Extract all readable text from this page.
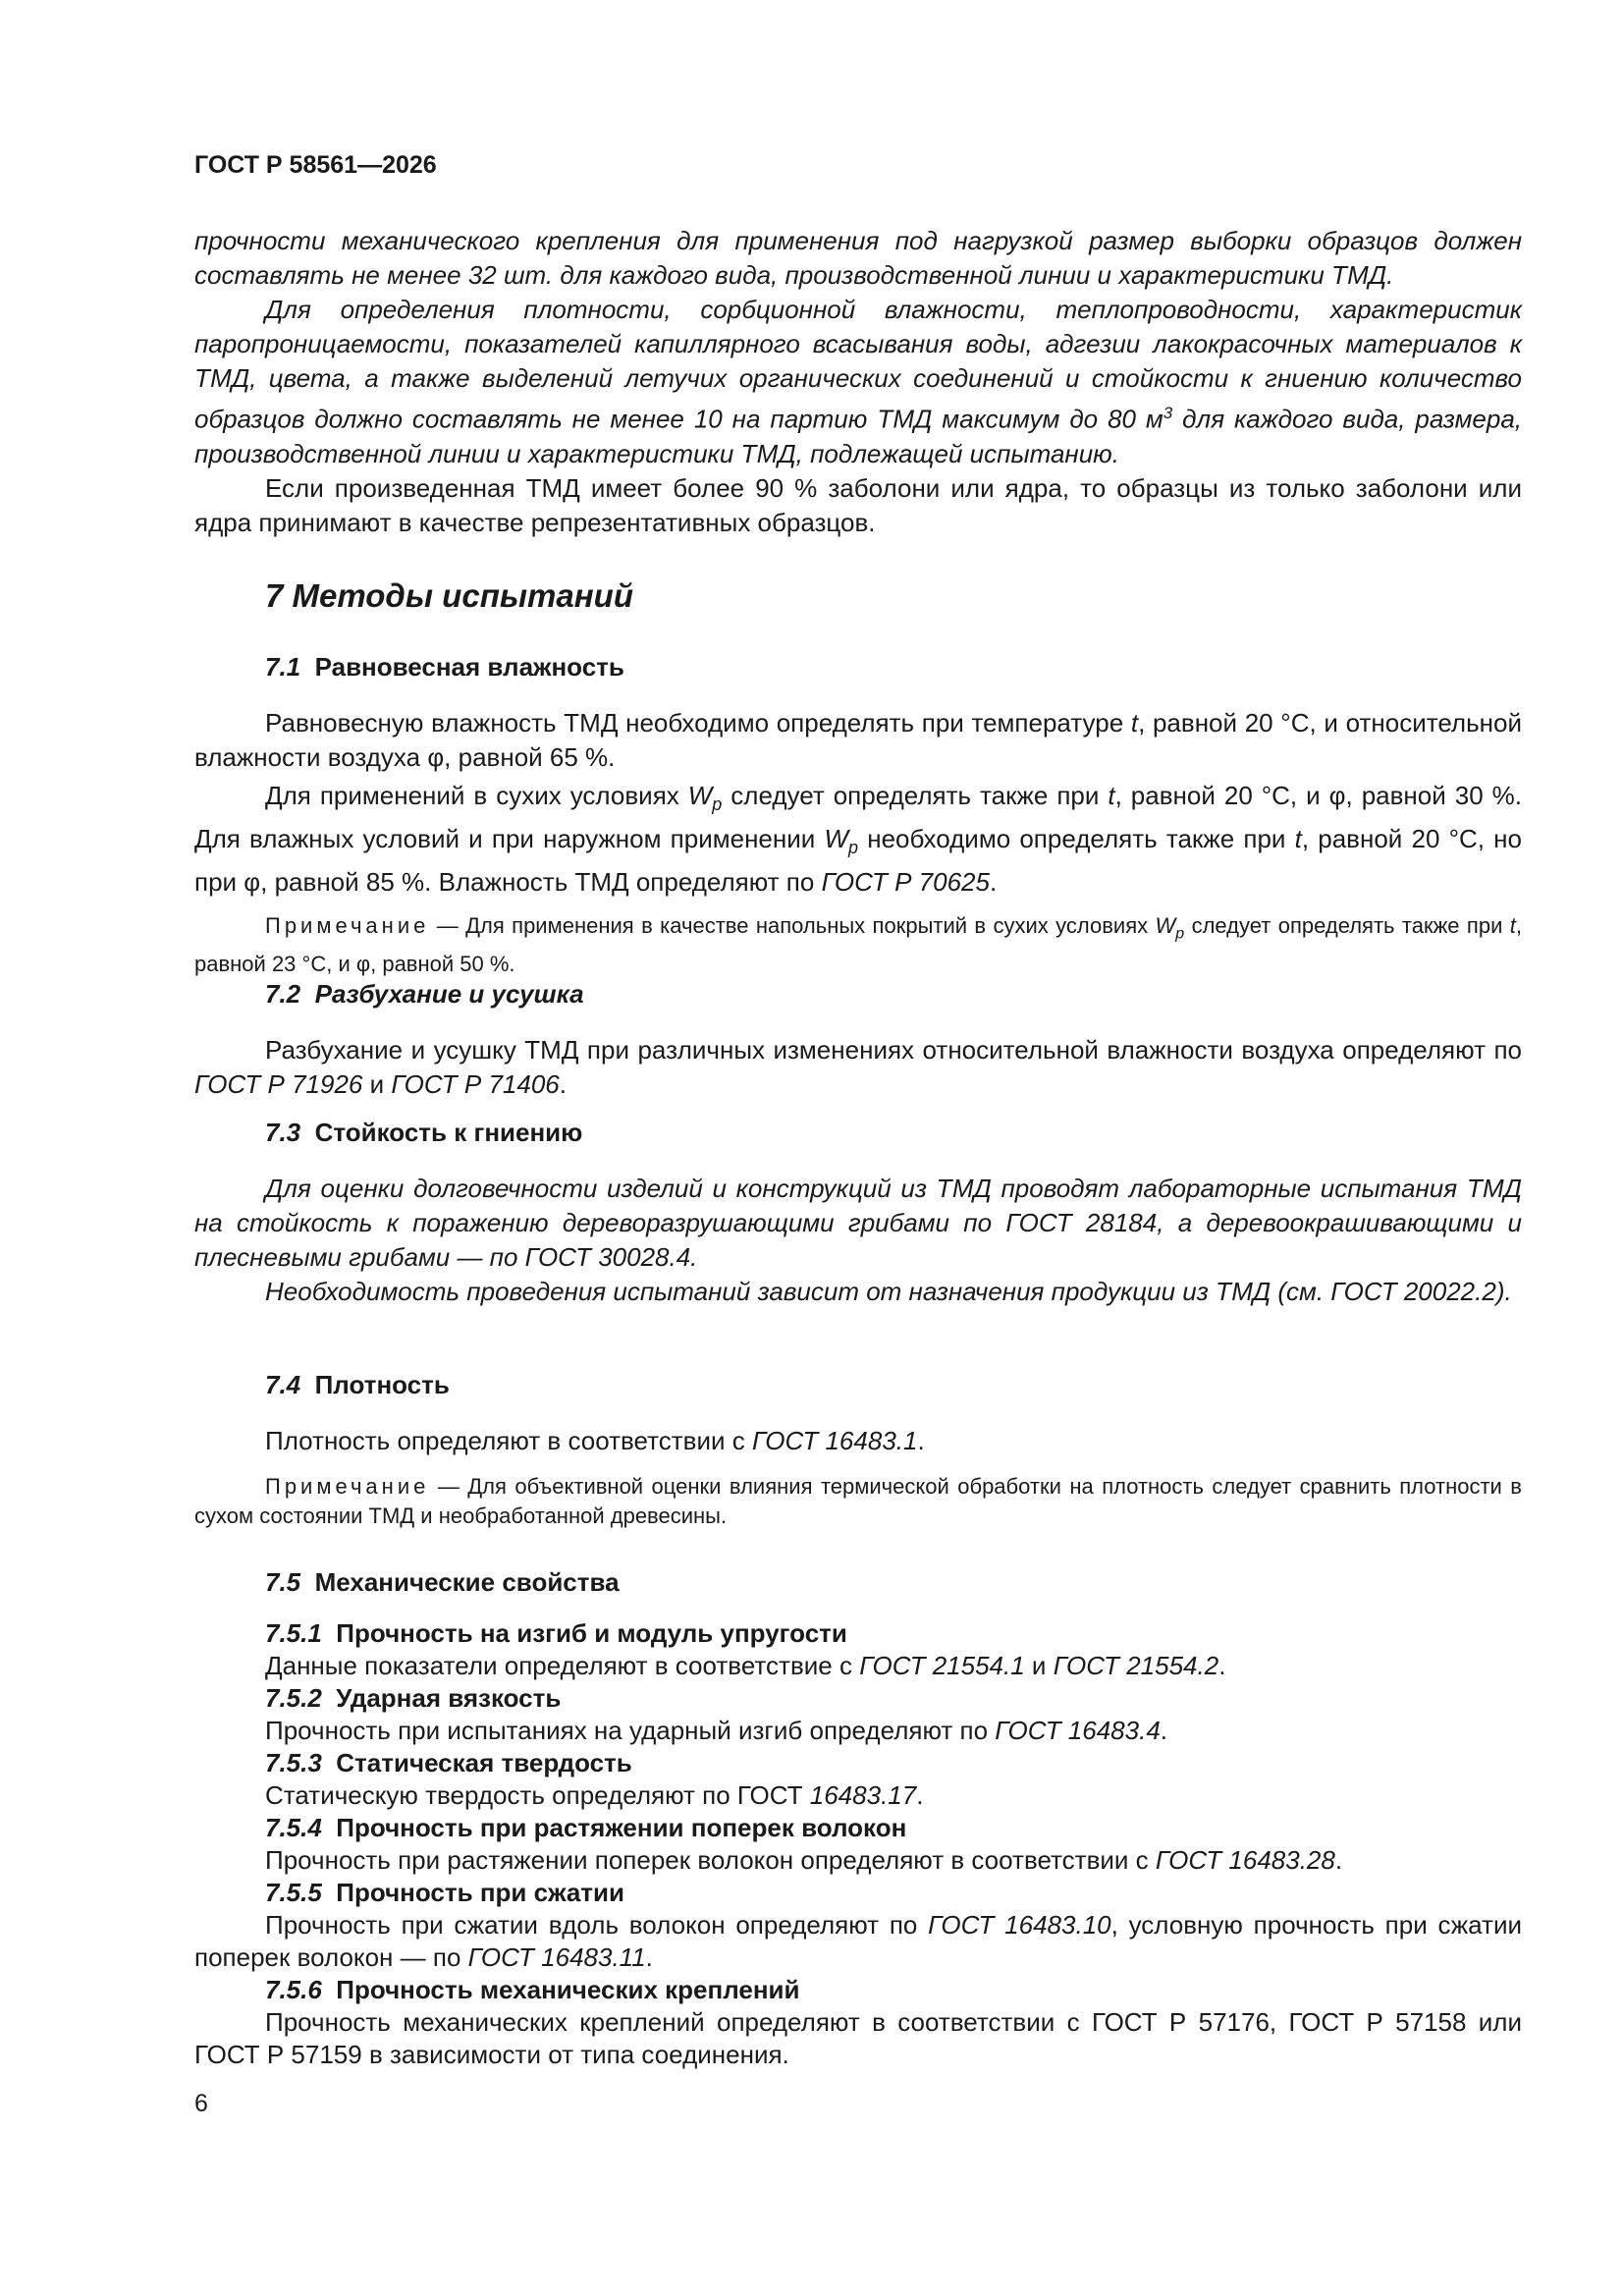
ГОСТ Р 58561—2026

прочности механического крепления для применения под нагрузкой размер выборки образцов должен составлять не менее 32 шт. для каждого вида, производственной линии и характеристики ТМД.

Для определения плотности, сорбционной влажности, теплопроводности, характеристик паропроницаемости, показателей капиллярного всасывания воды, адгезии лакокрасочных материалов к ТМД, цвета, а также выделений летучих органических соединений и стойкости к гниению количество образцов должно составлять не менее 10 на партию ТМД максимум до 80 $м^3$ для каждого вида, размера, производственной линии и характеристики ТМД, подлежащей испытанию.

Если произведенная ТМД имеет более 90 % заболони или ядра, то образцы из только заболони или ядра принимают в качестве репрезентативных образцов.

7 Методы испытаний
7.1 Равновесная влажность

Равновесную влажность ТМД необходимо определять при температуре t, равной 20 °С, и относительной влажности воздуха φ, равной 65 %.

Для применений в сухих условиях $W_p$ следует определять также при t, равной 20 °С, и φ, равной 30 %. Для влажных условий и при наружном применении $W_p$ необходимо определять также при t, равной 20 °С, но при φ, равной 85 %. Влажность ТМД определяют по ГОСТ Р 70625.

Примечание — Для применения в качестве напольных покрытий в сухих условиях $W_p$ следует определять также при t, равной 23 °С, и φ, равной 50 %.

7.2 Разбухание и усушка

Разбухание и усушку ТМД при различных изменениях относительной влажности воздуха определяют по ГОСТ Р 71926 и ГОСТ Р 71406.

7.3 Стойкость к гниению

Для оценки долговечности изделий и конструкций из ТМД проводят лабораторные испытания ТМД на стойкость к поражению дереворазрушающими грибами по ГОСТ 28184, а деревоокрашивающими и плесневыми грибами — по ГОСТ 30028.4.

Необходимость проведения испытаний зависит от назначения продукции из ТМД (см. ГОСТ 20022.2).

7.4 Плотность

Плотность определяют в соответствии с ГОСТ 16483.1.

Примечание — Для объективной оценки влияния термической обработки на плотность следует сравнить плотности в сухом состоянии ТМД и необработанной древесины.

7.5 Механические свойства
7.5.1 Прочность на изгиб и модуль упругости

Данные показатели определяют в соответствие с ГОСТ 21554.1 и ГОСТ 21554.2.

7.5.2 Ударная вязкость

Прочность при испытаниях на ударный изгиб определяют по ГОСТ 16483.4.

7.5.3 Статическая твердость

Статическую твердость определяют по ГОСТ 16483.17.

7.5.4 Прочность при растяжении поперек волокон

Прочность при растяжении поперек волокон определяют в соответствии с ГОСТ 16483.28.

7.5.5 Прочность при сжатии

Прочность при сжатии вдоль волокон определяют по ГОСТ 16483.10, условную прочность при сжатии поперек волокон — по ГОСТ 16483.11.

7.5.6 Прочность механических креплений

Прочность механических креплений определяют в соответствии с ГОСТ Р 57176, ГОСТ Р 57158 или ГОСТ Р 57159 в зависимости от типа соединения.

6
